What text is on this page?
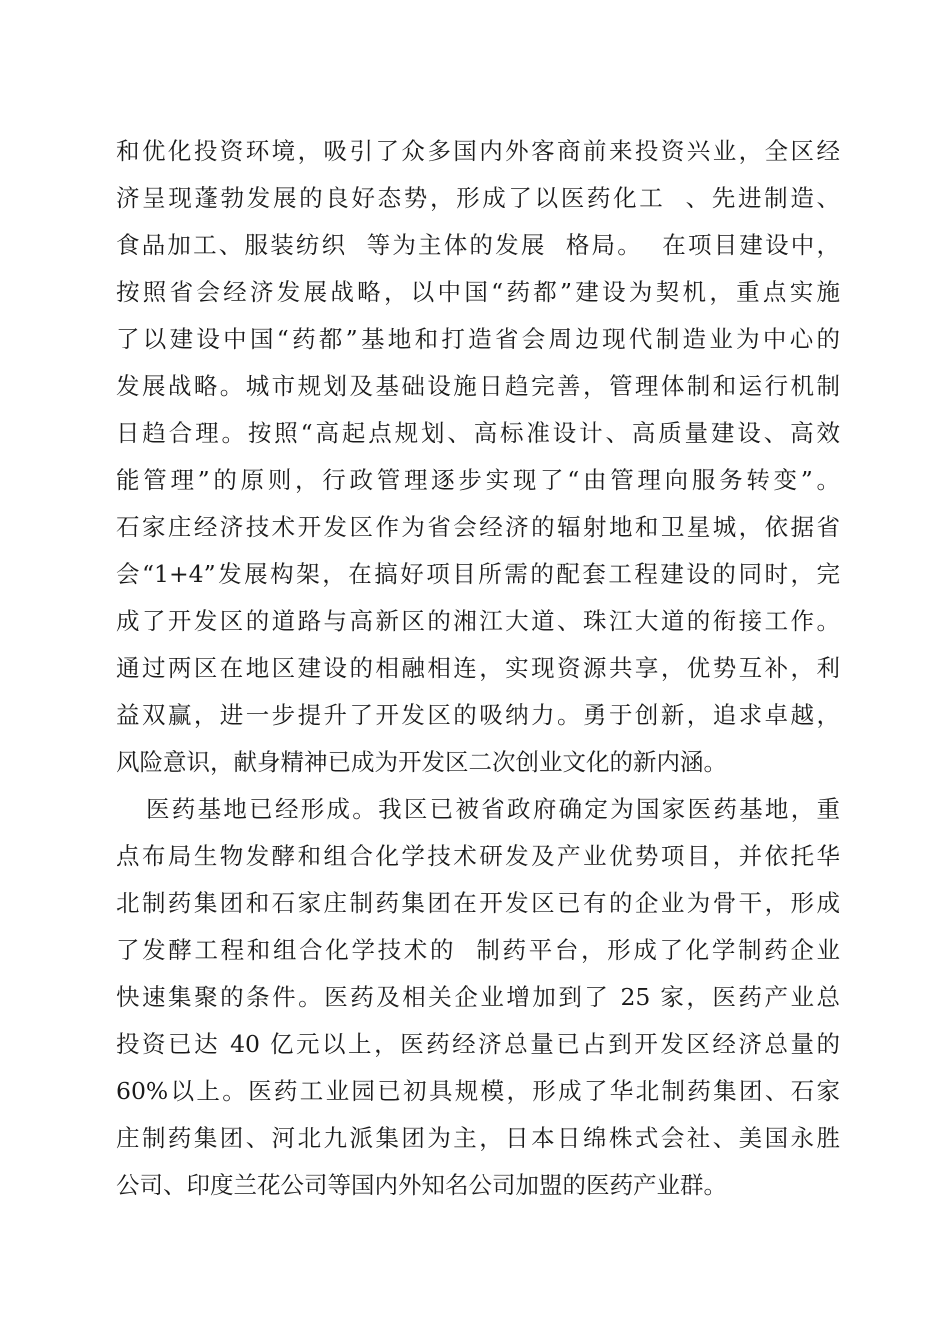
和优化投资环境，吸引了众多国内外客商前来投资兴业，全区经
济呈现蓬勃发展的良好态势，形成了以医药化工  、先进制造、
食品加工、服装纺织  等为主体的发展  格局。  在项目建设中，
按照省会经济发展战略，以中国“药都”建设为契机，重点实施
了以建设中国“药都”基地和打造省会周边现代制造业为中心的
发展战略。城市规划及基础设施日趋完善，管理体制和运行机制
日趋合理。按照“高起点规划、高标准设计、高质量建设、高效
能管理”的原则，行政管理逐步实现了“由管理向服务转变”。
石家庄经济技术开发区作为省会经济的辐射地和卫星城，依据省
会“1+4”发展构架，在搞好项目所需的配套工程建设的同时，完
成了开发区的道路与高新区的湘江大道、珠江大道的衔接工作。
通过两区在地区建设的相融相连，实现资源共享，优势互补，利
益双赢，进一步提升了开发区的吸纳力。勇于创新，追求卓越，
风险意识，献身精神已成为开发区二次创业文化的新内涵。
医药基地已经形成。我区已被省政府确定为国家医药基地，重
点布局生物发酵和组合化学技术研发及产业优势项目，并依托华
北制药集团和石家庄制药集团在开发区已有的企业为骨干，形成
了发酵工程和组合化学技术的  制药平台，形成了化学制药企业
快速集聚的条件。医药及相关企业增加到了 25 家，医药产业总
投资已达 40 亿元以上，医药经济总量已占到开发区经济总量的
60%以上。医药工业园已初具规模，形成了华北制药集团、石家
庄制药集团、河北九派集团为主，日本日绵株式会社、美国永胜
公司、印度兰花公司等国内外知名公司加盟的医药产业群。
